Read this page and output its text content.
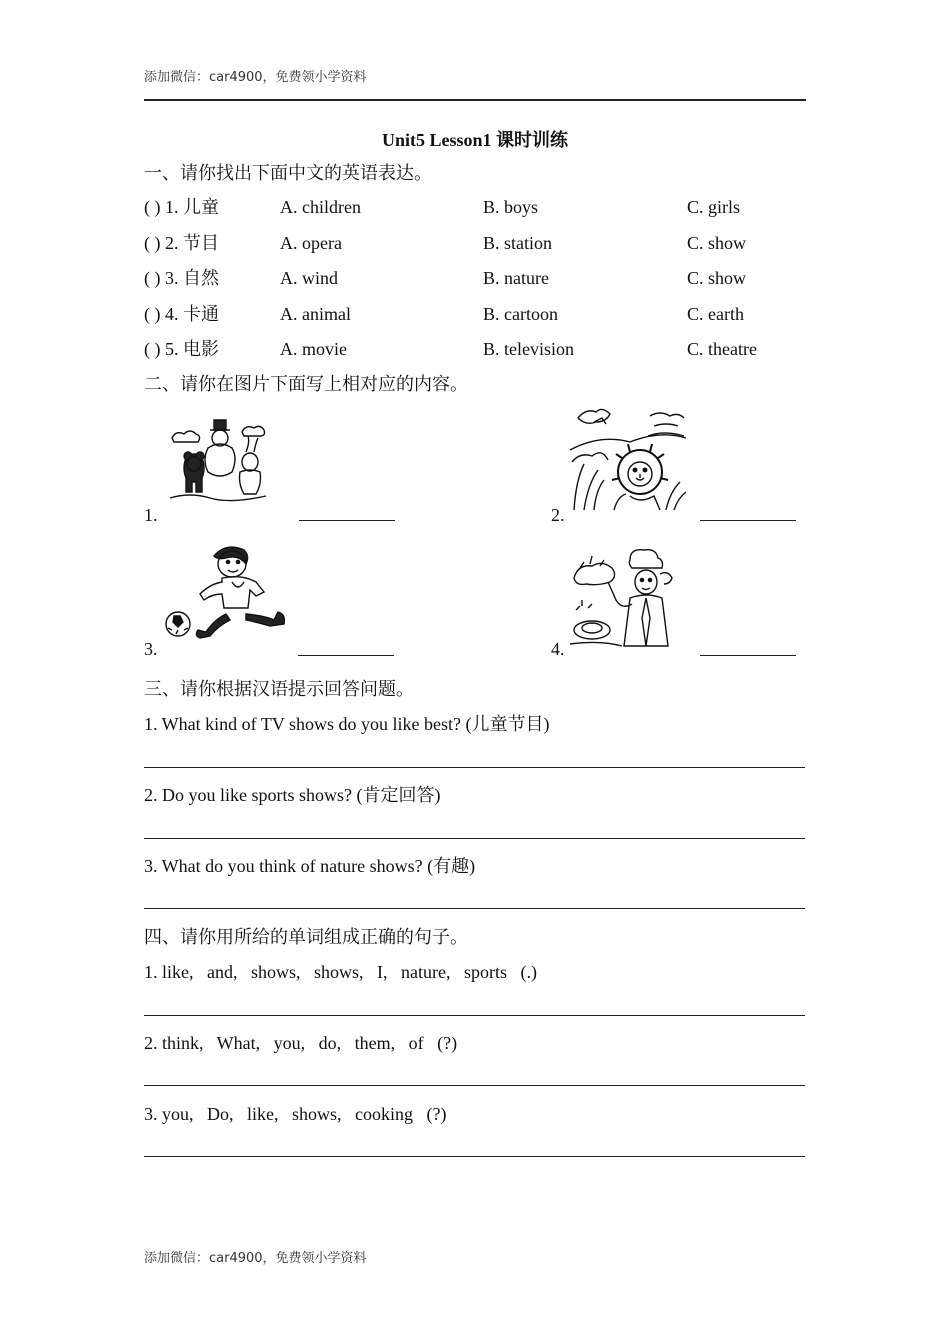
添加微信：car4900，免费领小学资料
Unit5 Lesson1 课时训练
一、请你找出下面中文的英语表达。
( ) 1. 儿童	A. children	B. boys	C. girls
( ) 2. 节目	A. opera	B. station	C. show
( ) 3. 自然	A. wind	B. nature	C. show
( ) 4. 卡通	A. animal	B. cartoon	C. earth
( ) 5. 电影	A. movie	B. television	C. theatre
二、请你在图片下面写上相对应的内容。
1.	2.
3.	4.
三、请你根据汉语提示回答问题。
1. What kind of TV shows do you like best? (儿童节目)
2. Do you like sports shows? (肯定回答)
3. What do you think of nature shows? (有趣)
四、请你用所给的单词组成正确的句子。
1. like,   and,   shows,   shows,   I,   nature,   sports   (.)
2. think,   What,   you,   do,   them,   of   (?)
3. you,   Do,   like,   shows,   cooking   (?)
添加微信：car4900，免费领小学资料
